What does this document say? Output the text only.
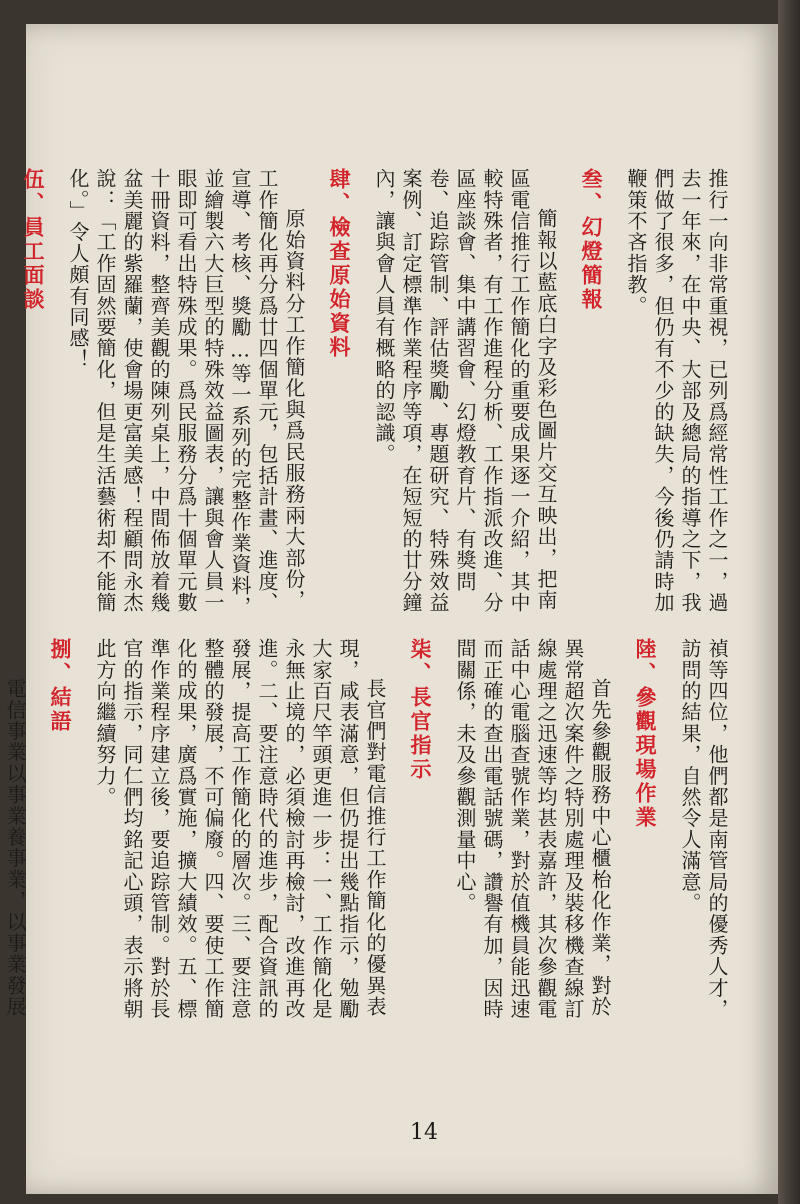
推行一向非常重視，已列爲經常性工作之一，過去一年來，在中央、大部及總局的指導之下，我們做了很多，但仍有不少的缺失，今後仍請時加鞭策不吝指教。

叁、幻燈簡報

簡報以藍底白字及彩色圖片交互映出，把南區電信推行工作簡化的重要成果逐一介紹，其中較特殊者，有工作進程分析、工作指派改進、分區座談會、集中講習會、幻燈教育片、有獎問卷、追踪管制、評估獎勵、專題研究、特殊效益案例、訂定標準作業程序等項，在短短的廿分鐘內，讓與會人員有概略的認識。

肆、檢查原始資料

原始資料分工作簡化與爲民服務兩大部份，工作簡化再分爲廿四個單元，包括計畫、進度、宣導、考核、獎勵…等一系列的完整作業資料，並繪製六大巨型的特殊效益圖表，讓與會人員一眼即可看出特殊成果。爲民服務分爲十個單元數十冊資料，整齊美觀的陳列桌上，中間佈放着幾盆美麗的紫羅蘭，使會場更富美感！程顧問永杰說：「工作固然要簡化，但是生活藝術却不能簡化。」令人頗有同感！

伍、員工面談

禎等四位，他們都是南管局的優秀人才，訪問的結果，自然令人滿意。

陸、參觀現場作業

首先參觀服務中心櫃枱化作業，對於異常超次案件之特別處理及裝移機查線訂線處理之迅速等均甚表嘉許，其次參觀電話中心電腦查號作業，對於值機員能迅速而正確的查出電話號碼，讚譽有加，因時間關係，未及參觀測量中心。

柒、長官指示

長官們對電信推行工作簡化的優異表現，咸表滿意，但仍提出幾點指示，勉勵大家百尺竿頭更進一步：一、工作簡化是永無止境的，必須檢討再檢討，改進再改進。二、要注意時代的進步，配合資訊的發展，提高工作簡化的層次。三、要注意整體的發展，不可偏廢。四、要使工作簡化的成果，廣爲實施，擴大績效。五、標準作業程序建立後，要追踪管制。對於長官的指示，同仁們均銘記心頭，表示將朝此方向繼續努力。

捌、結語

電信事業以事業養事業，以事業發展

14
